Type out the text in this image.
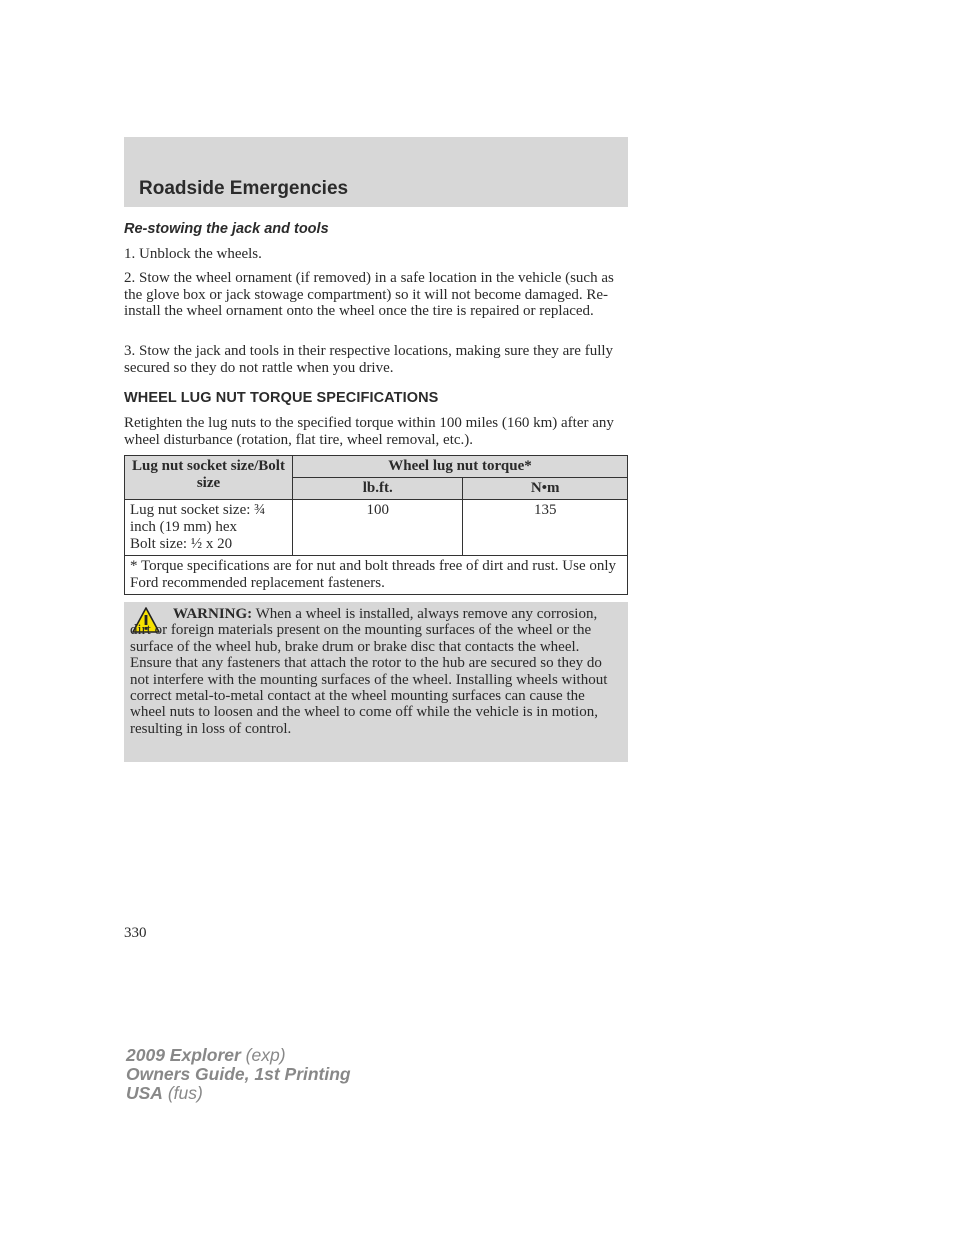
Roadside Emergencies
Re-stowing the jack and tools

1. Unblock the wheels.

2. Stow the wheel ornament (if removed) in a safe location in the vehicle (such as the glove box or jack stowage compartment) so it will not become damaged. Re-install the wheel ornament onto the wheel once the tire is repaired or replaced.

3. Stow the jack and tools in their respective locations, making sure they are fully secured so they do not rattle when you drive.

WHEEL LUG NUT TORQUE SPECIFICATIONS

Retighten the lug nuts to the specified torque within 100 miles (160 km) after any wheel disturbance (rotation, flat tire, wheel removal, etc.).

Lug nut socket size/Bolt size	Wheel lug nut torque*	
	lb.ft.	N•m
Lug nut socket size: ¾ inch (19 mm) hex
Bolt size: ½ x 20	100	135
* Torque specifications are for nut and bolt threads free of dirt and rust. Use only Ford recommended replacement fasteners.		

WARNING: When a wheel is installed, always remove any corrosion, dirt or foreign materials present on the mounting surfaces of the wheel or the surface of the wheel hub, brake drum or brake disc that contacts the wheel. Ensure that any fasteners that attach the rotor to the hub are secured so they do not interfere with the mounting surfaces of the wheel. Installing wheels without correct metal-to-metal contact at the wheel mounting surfaces can cause the wheel nuts to loosen and the wheel to come off while the vehicle is in motion, resulting in loss of control.

330

2009 Explorer (exp)
Owners Guide, 1st Printing
USA (fus)
